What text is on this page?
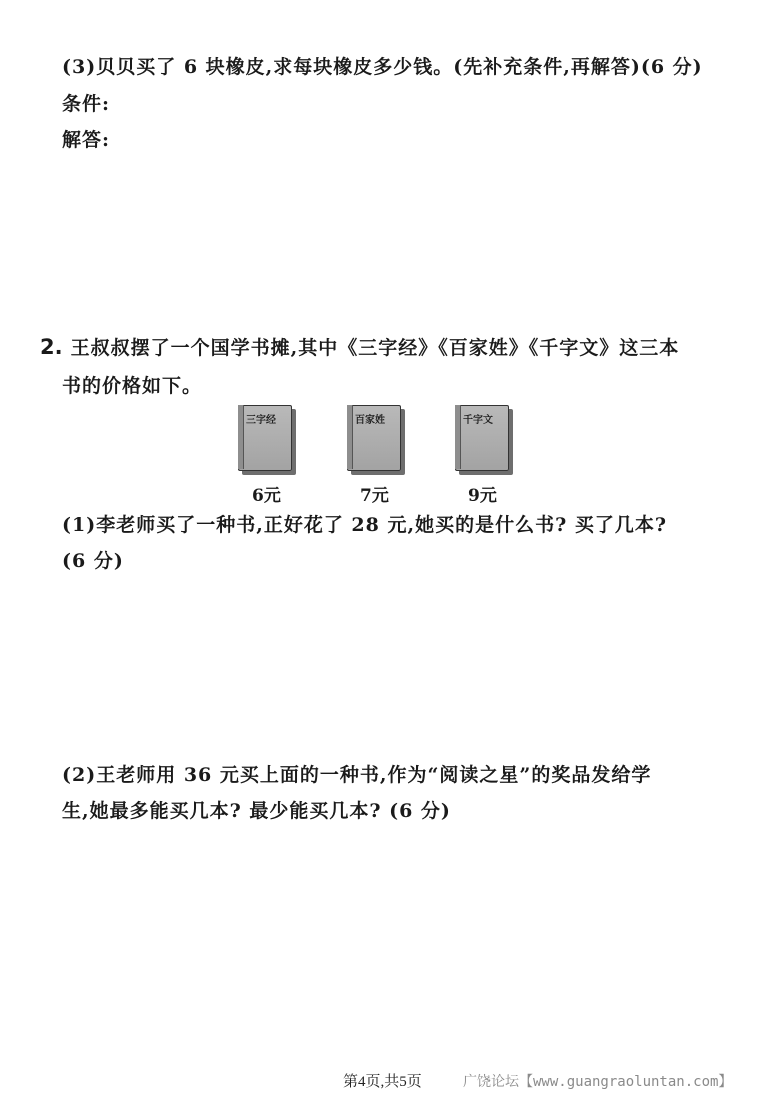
(3)贝贝买了 6 块橡皮,求每块橡皮多少钱。(先补充条件,再解答)(6 分)
条件:
解答:
2. 王叔叔摆了一个国学书摊,其中《三字经》《百家姓》《千字文》这三本
书的价格如下。
三字经
6元
百家姓
7元
千字文
9元
(1)李老师买了一种书,正好花了 28 元,她买的是什么书? 买了几本?
(6 分)
(2)王老师用 36 元买上面的一种书,作为“阅读之星”的奖品发给学
生,她最多能买几本? 最少能买几本? (6 分)
第4页,共5页	广饶论坛【www.guangraoluntan.com】
